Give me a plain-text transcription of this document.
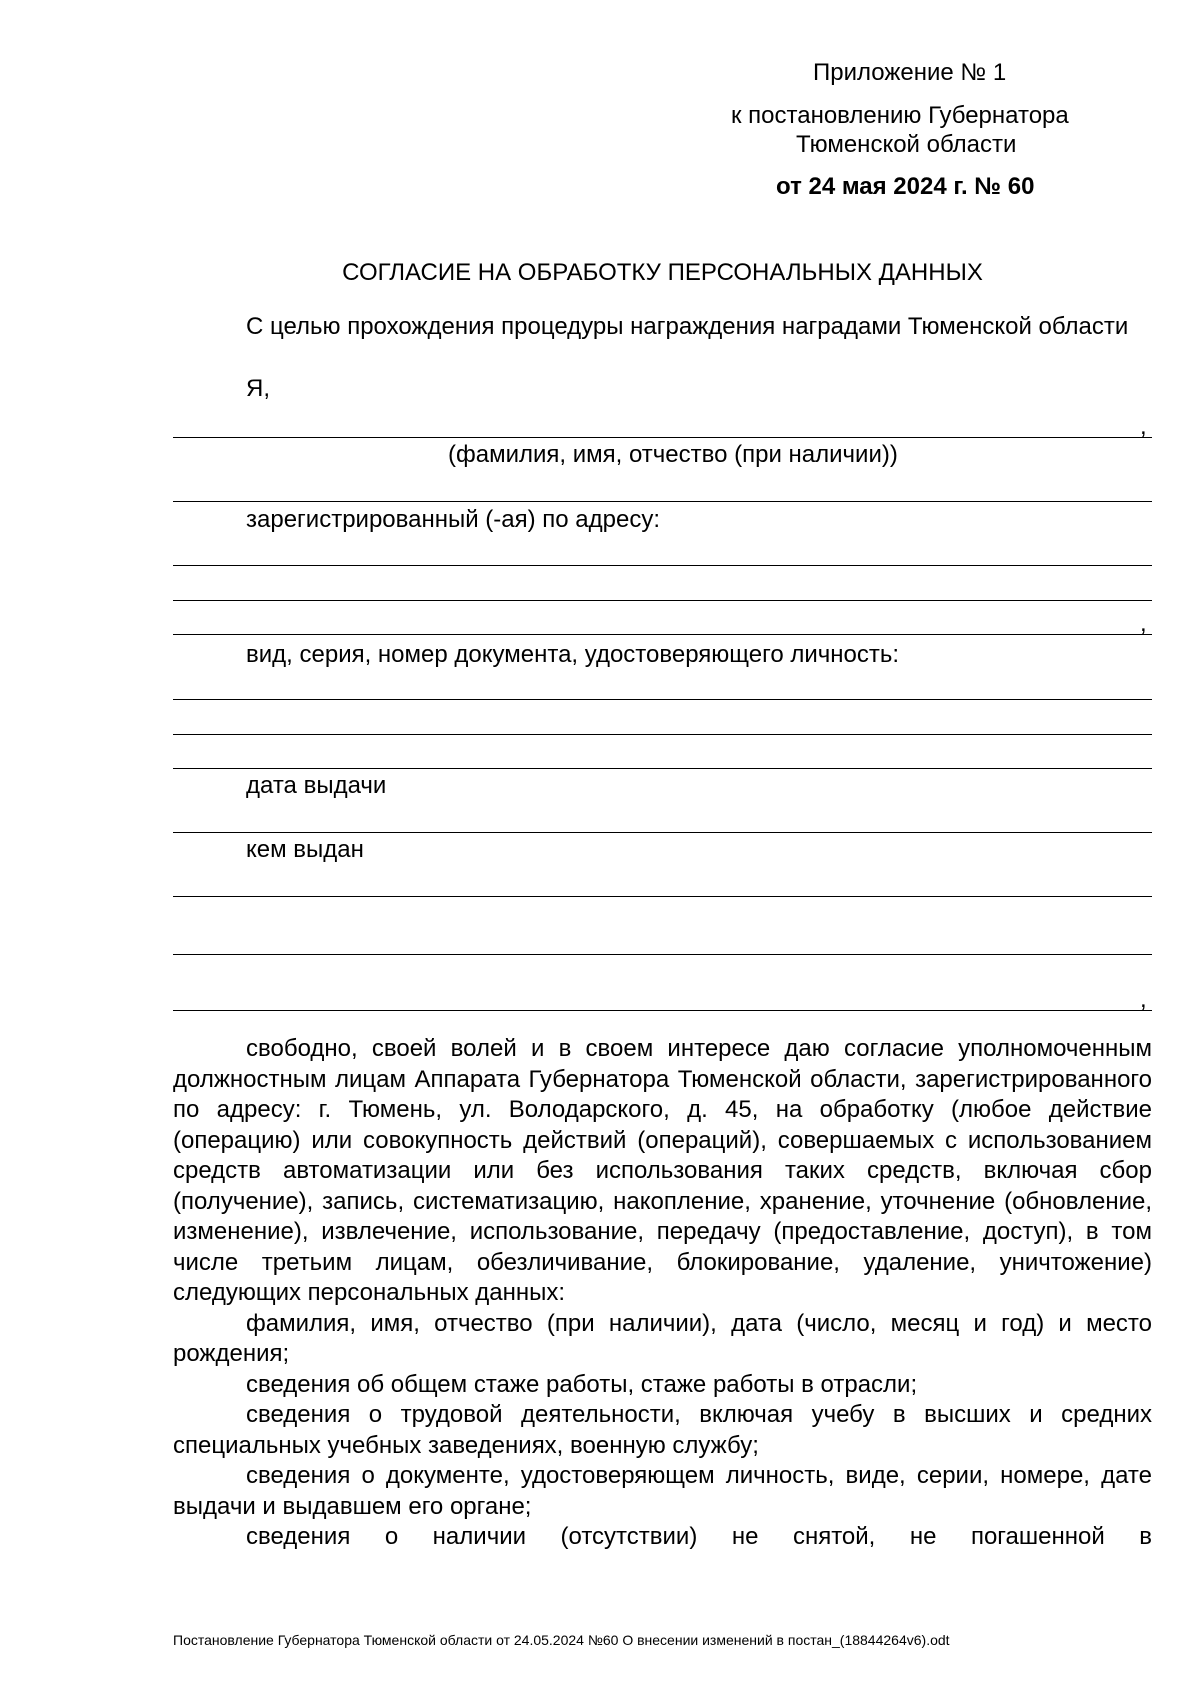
Приложение № 1
к постановлению Губернатора
Тюменской области
от 24 мая 2024 г. № 60
СОГЛАСИЕ НА ОБРАБОТКУ ПЕРСОНАЛЬНЫХ ДАННЫХ

С целью прохождения процедуры награждения наградами Тюменской области

Я,
,
(фамилия, имя, отчество (при наличии))
зарегистрированный (-ая) по адресу:
,
вид, серия, номер документа, удостоверяющего личность:
дата выдачи
кем выдан
,

свободно, своей волей и в своем интересе даю согласие уполномоченным должностным лицам Аппарата Губернатора Тюменской области, зарегистрированного по адресу: г. Тюмень, ул. Володарского, д. 45, на обработку (любое действие (операцию) или совокупность действий (операций), совершаемых с использованием средств автоматизации или без использования таких средств, включая сбор (получение), запись, систематизацию, накопление, хранение, уточнение (обновление, изменение), извлечение, использование, передачу (предоставление, доступ), в том числе третьим лицам, обезличивание, блокирование, удаление, уничтожение) следующих персональных данных:

фамилия, имя, отчество (при наличии), дата (число, месяц и год) и место рождения;

сведения об общем стаже работы, стаже работы в отрасли;

сведения о трудовой деятельности, включая учебу в высших и средних специальных учебных заведениях, военную службу;

сведения о документе, удостоверяющем личность, виде, серии, номере, дате выдачи и выдавшем его органе;

сведения о наличии (отсутствии) не снятой, не погашенной в

Постановление Губернатора Тюменской области от 24.05.2024 №60 О внесении изменений в постан_(18844264v6).odt
